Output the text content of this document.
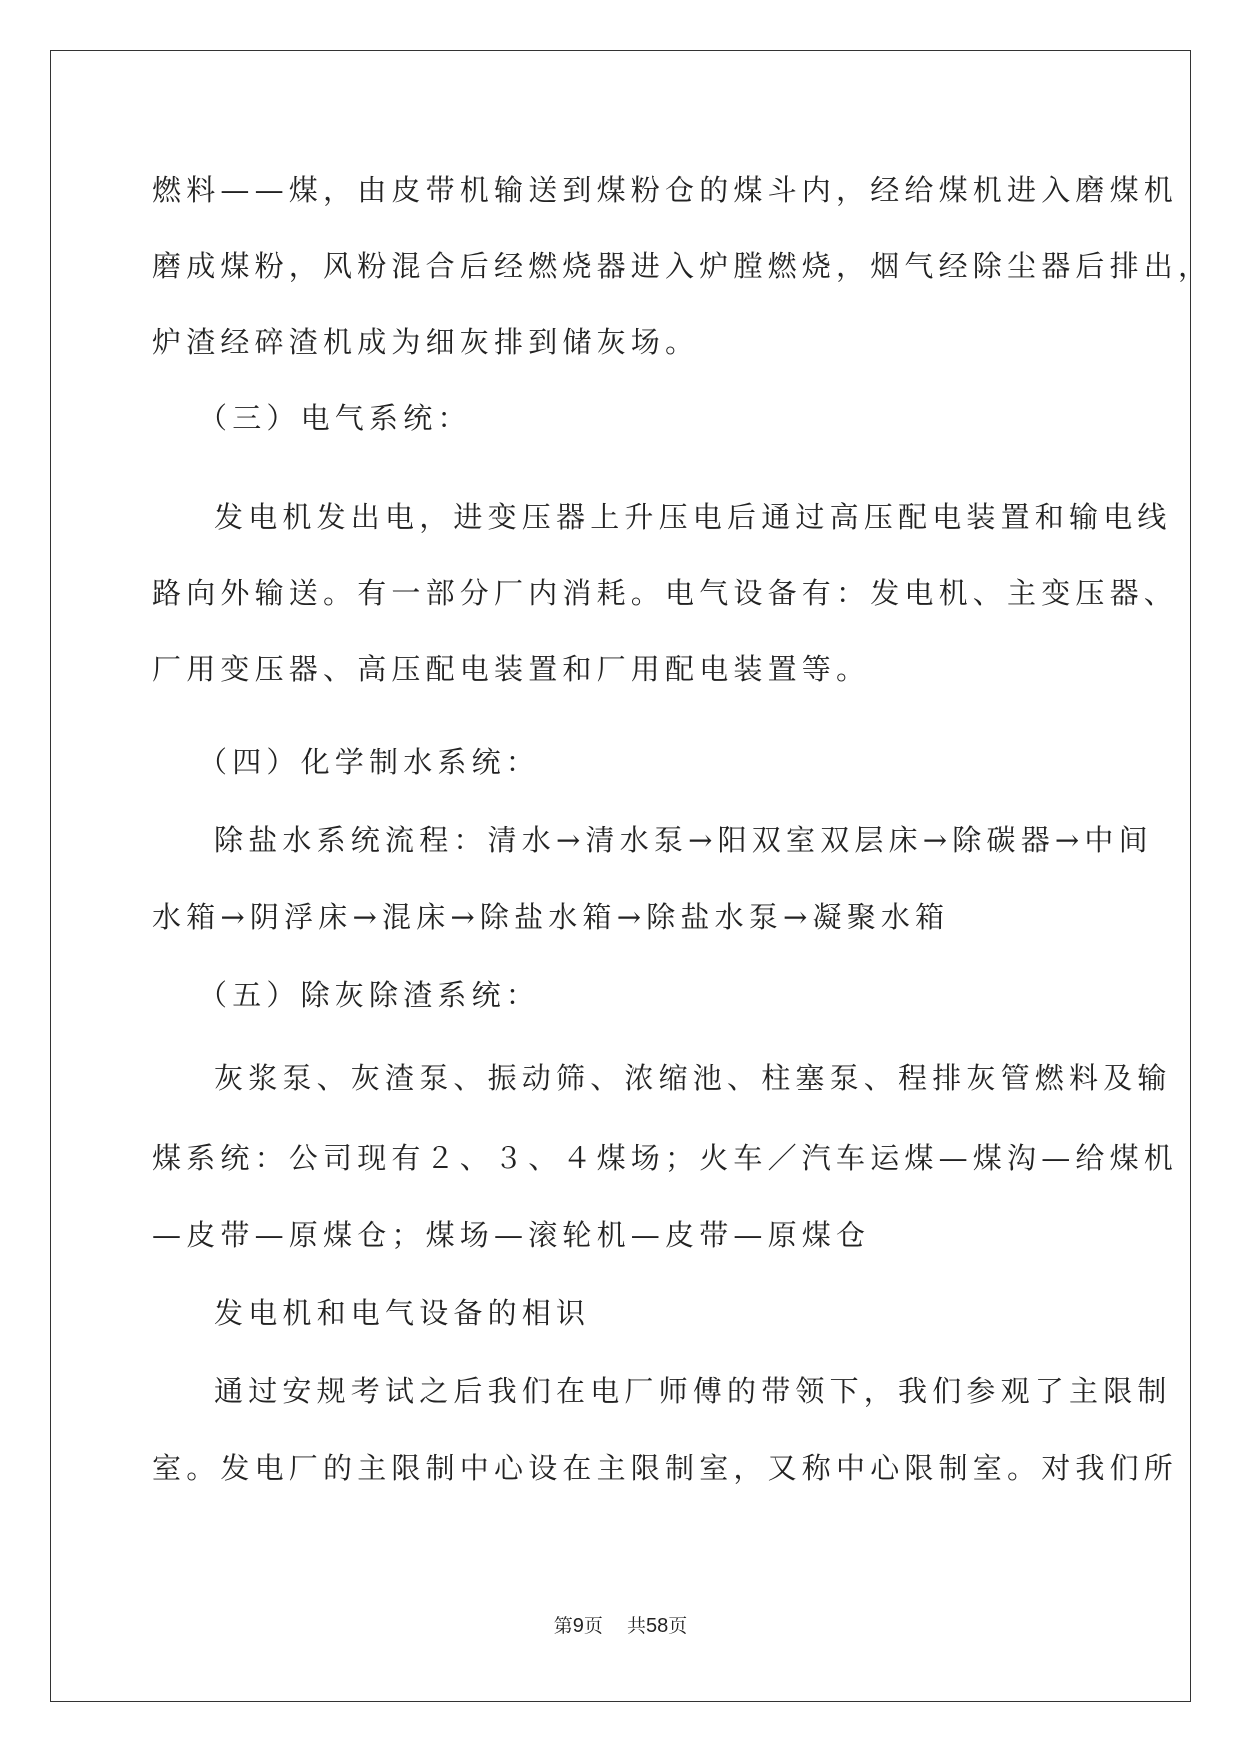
燃料——煤，由皮带机输送到煤粉仓的煤斗内，经给煤机进入磨煤机
磨成煤粉，风粉混合后经燃烧器进入炉膛燃烧，烟气经除尘器后排出，
炉渣经碎渣机成为细灰排到储灰场。
（三）电气系统：
发电机发出电，进变压器上升压电后通过高压配电装置和输电线
路向外输送。有一部分厂内消耗。电气设备有：发电机、主变压器、
厂用变压器、高压配电装置和厂用配电装置等。
（四）化学制水系统：
除盐水系统流程：清水→清水泵→阳双室双层床→除碳器→中间
水箱→阴浮床→混床→除盐水箱→除盐水泵→凝聚水箱
（五）除灰除渣系统：
灰浆泵、灰渣泵、振动筛、浓缩池、柱塞泵、程排灰管燃料及输
煤系统：公司现有２、３、４煤场；火车／汽车运煤—煤沟—给煤机
—皮带—原煤仓；煤场—滚轮机—皮带—原煤仓
发电机和电气设备的相识
通过安规考试之后我们在电厂师傅的带领下，我们参观了主限制
室。发电厂的主限制中心设在主限制室，又称中心限制室。对我们所
第9页 共58页
